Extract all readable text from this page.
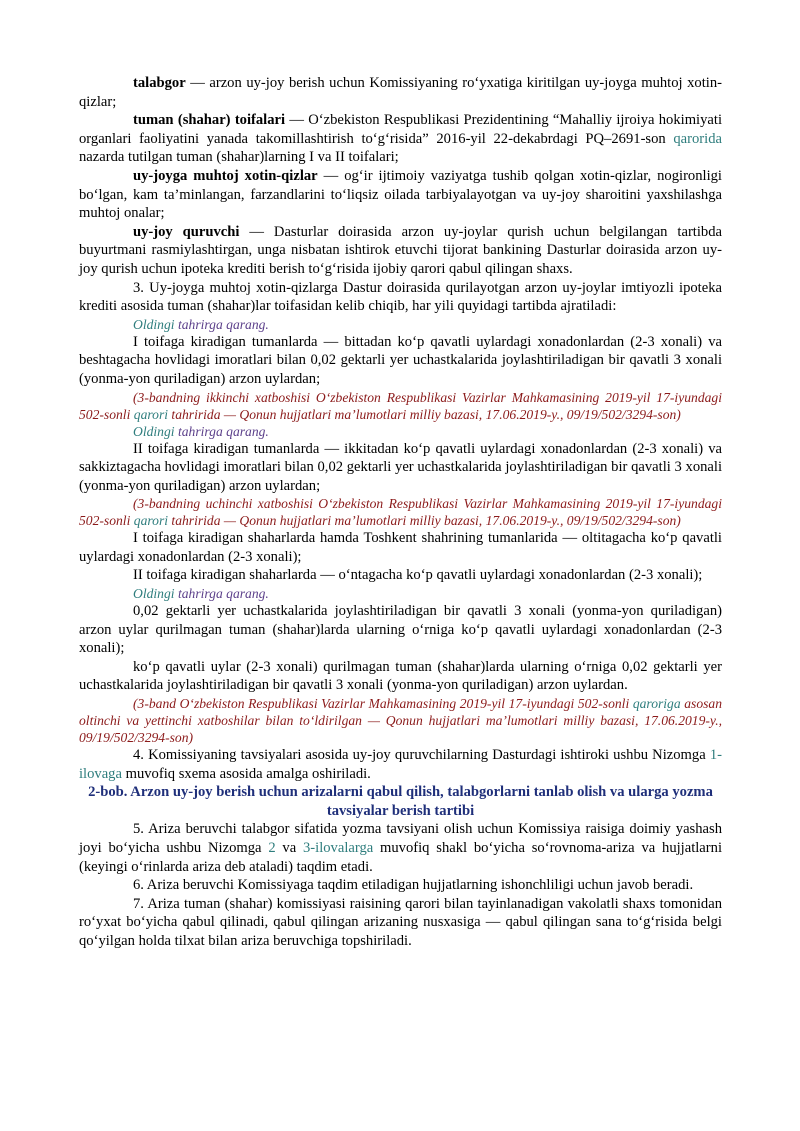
talabgor — arzon uy-joy berish uchun Komissiyaning ro‘yxatiga kiritilgan uy-joyga muhtoj xotin-qizlar;

tuman (shahar) toifalari — O‘zbekiston Respublikasi Prezidentining “Mahalliy ijroiya hokimiyati organlari faoliyatini yanada takomillashtirish to‘g‘risida” 2016-yil 22-dekabrdagi PQ–2691-son qarorida nazarda tutilgan tuman (shahar)larning I va II toifalari;

uy-joyga muhtoj xotin-qizlar — og‘ir ijtimoiy vaziyatga tushib qolgan xotin-qizlar, nogironligi bo‘lgan, kam ta’minlangan, farzandlarini to‘liqsiz oilada tarbiyalayotgan va uy-joy sharoitini yaxshilashga muhtoj onalar;

uy-joy quruvchi — Dasturlar doirasida arzon uy-joylar qurish uchun belgilangan tartibda buyurtmani rasmiylashtirgan, unga nisbatan ishtirok etuvchi tijorat bankining Dasturlar doirasida arzon uy-joy qurish uchun ipoteka krediti berish to‘g‘risida ijobiy qarori qabul qilingan shaxs.

3. Uy-joyga muhtoj xotin-qizlarga Dastur doirasida qurilayotgan arzon uy-joylar imtiyozli ipoteka krediti asosida tuman (shahar)lar toifasidan kelib chiqib, har yili quyidagi tartibda ajratiladi:

Oldingi tahrirga qarang.

I toifaga kiradigan tumanlarda — bittadan ko‘p qavatli uylardagi xonadonlardan (2-3 xonali) va beshtagacha hovlidagi imoratlari bilan 0,02 gektarli yer uchastkalarida joylashtiriladigan bir qavatli 3 xonali (yonma-yon quriladigan) arzon uylardan;

(3-bandning ikkinchi xatboshisi O‘zbekiston Respublikasi Vazirlar Mahkamasining 2019-yil 17-iyundagi 502-sonli qarori tahririda — Qonun hujjatlari ma’lumotlari milliy bazasi, 17.06.2019-y., 09/19/502/3294-son)

Oldingi tahrirga qarang.

II toifaga kiradigan tumanlarda — ikkitadan ko‘p qavatli uylardagi xonadonlardan (2-3 xonali) va sakkiztagacha hovlidagi imoratlari bilan 0,02 gektarli yer uchastkalarida joylashtiriladigan bir qavatli 3 xonali (yonma-yon quriladigan) arzon uylardan;

(3-bandning uchinchi xatboshisi O‘zbekiston Respublikasi Vazirlar Mahkamasining 2019-yil 17-iyundagi 502-sonli qarori tahririda — Qonun hujjatlari ma’lumotlari milliy bazasi, 17.06.2019-y., 09/19/502/3294-son)

I toifaga kiradigan shaharlarda hamda Toshkent shahrining tumanlarida — oltitagacha ko‘p qavatli uylardagi xonadonlardan (2-3 xonali);

II toifaga kiradigan shaharlarda — o‘ntagacha ko‘p qavatli uylardagi xonadonlardan (2-3 xonali);

Oldingi tahrirga qarang.

0,02 gektarli yer uchastkalarida joylashtiriladigan bir qavatli 3 xonali (yonma-yon quriladigan) arzon uylar qurilmagan tuman (shahar)larda ularning o‘rniga ko‘p qavatli uylardagi xonadonlardan (2-3 xonali);

ko‘p qavatli uylar (2-3 xonali) qurilmagan tuman (shahar)larda ularning o‘rniga 0,02 gektarli yer uchastkalarida joylashtiriladigan bir qavatli 3 xonali (yonma-yon quriladigan) arzon uylardan.

(3-band O‘zbekiston Respublikasi Vazirlar Mahkamasining 2019-yil 17-iyundagi 502-sonli qaroriga asosan oltinchi va yettinchi xatboshilar bilan to‘ldirilgan — Qonun hujjatlari ma’lumotlari milliy bazasi, 17.06.2019-y., 09/19/502/3294-son)

4. Komissiyaning tavsiyalari asosida uy-joy quruvchilarning Dasturdagi ishtiroki ushbu Nizomga 1-ilovaga muvofiq sxema asosida amalga oshiriladi.

2-bob. Arzon uy-joy berish uchun arizalarni qabul qilish, talabgorlarni tanlab olish va ularga yozma tavsiyalar berish tartibi

5. Ariza beruvchi talabgor sifatida yozma tavsiyani olish uchun Komissiya raisiga doimiy yashash joyi bo‘yicha ushbu Nizomga 2 va 3-ilovalarga muvofiq shakl bo‘yicha so‘rovnoma-ariza va hujjatlarni (keyingi o‘rinlarda ariza deb ataladi) taqdim etadi.

6. Ariza beruvchi Komissiyaga taqdim etiladigan hujjatlarning ishonchliligi uchun javob beradi.

7. Ariza tuman (shahar) komissiyasi raisining qarori bilan tayinlanadigan vakolatli shaxs tomonidan ro‘yxat bo‘yicha qabul qilinadi, qabul qilingan arizaning nusxasiga — qabul qilingan sana to‘g‘risida belgi qo‘yilgan holda tilxat bilan ariza beruvchiga topshiriladi.
